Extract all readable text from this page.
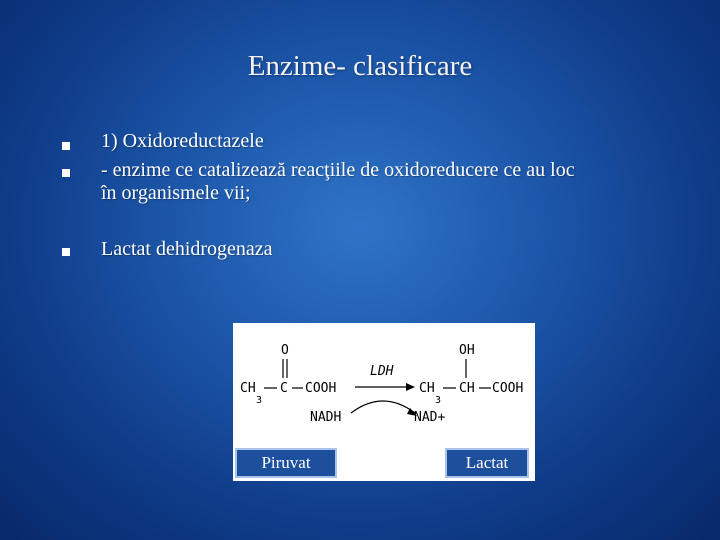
Enzime- clasificare
1) Oxidoreductazele
- enzime ce catalizează reacţiile de oxidoreducere ce au loc
în organismele vii;
Lactat dehidrogenaza
O
CH
3
C COOH
LDH
NADH	NAD+
OH
CH
3
CH COOH
Piruvat	Lactat
